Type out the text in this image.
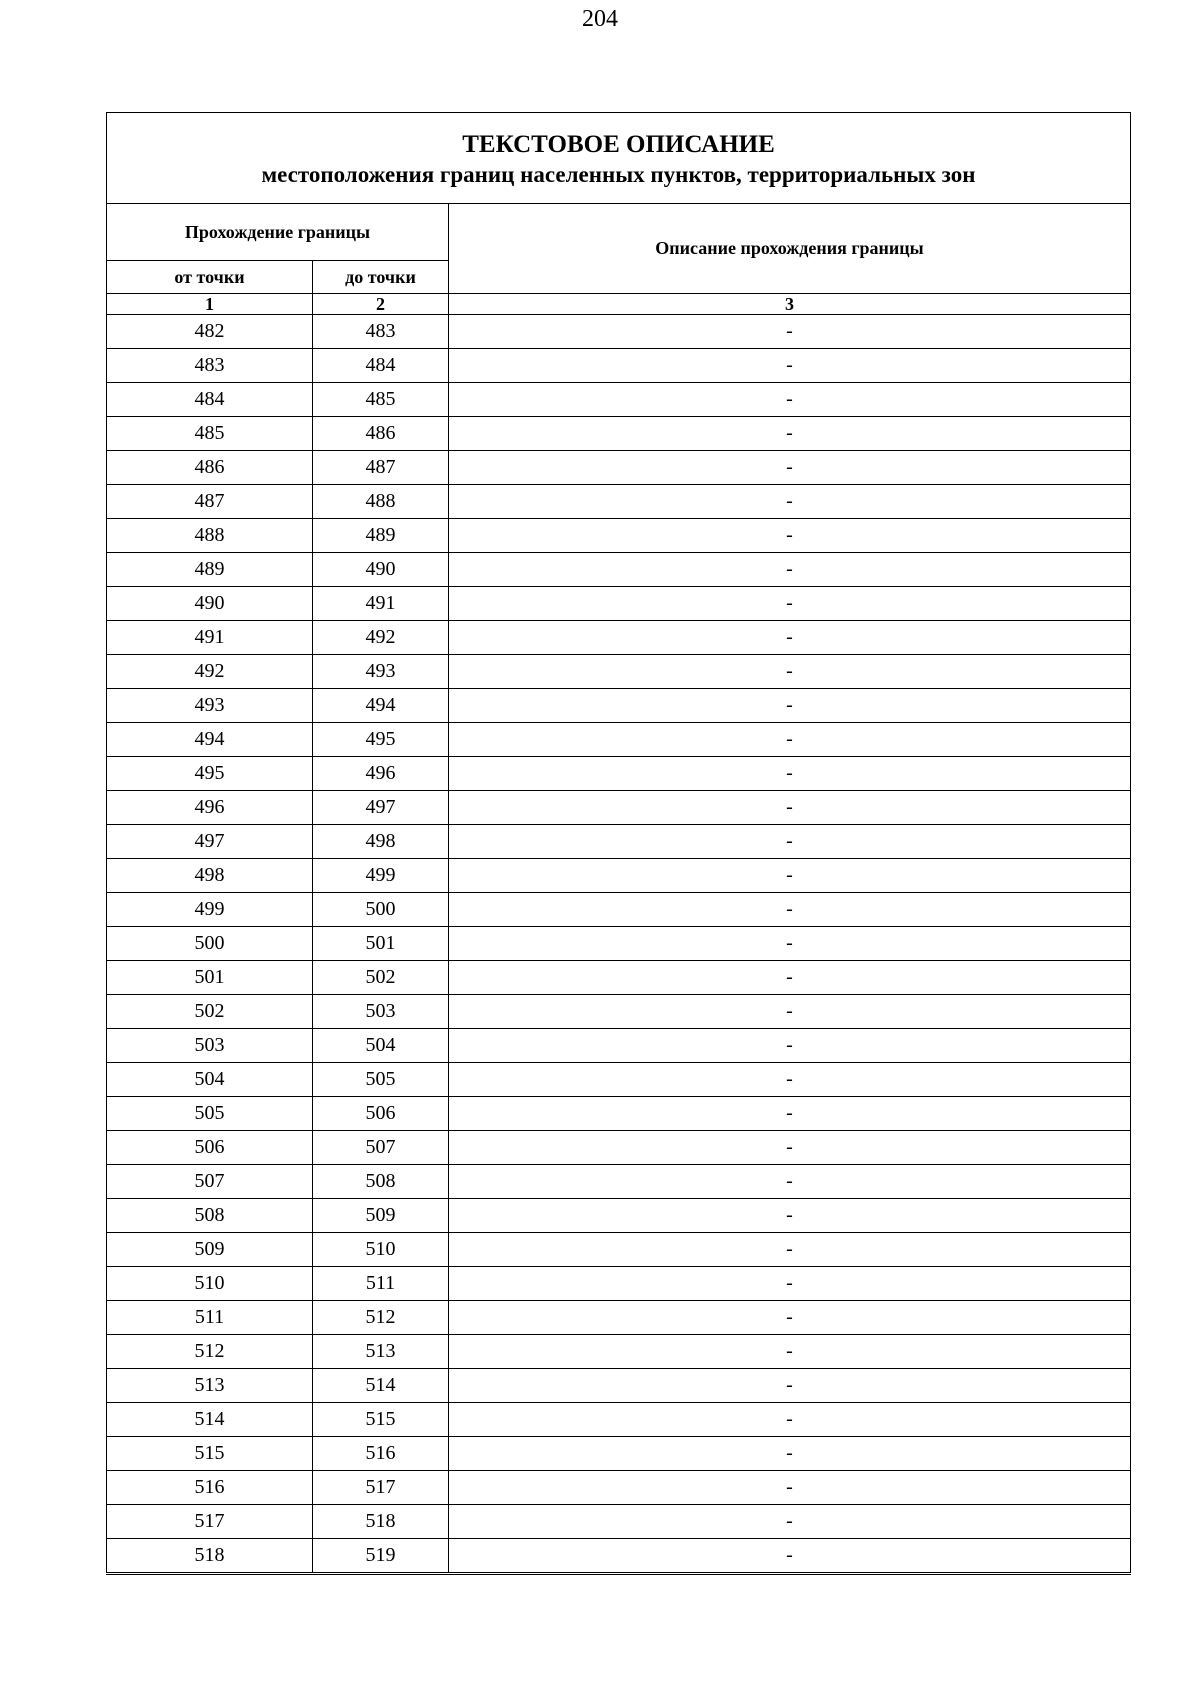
204
ТЕКСТОВОЕ ОПИСАНИЕ
местоположения границ населенных пунктов, территориальных зон		

Прохождение границы		Описание прохождения границы
от точки	до точки	
1	2	3
482	483	-
483	484	-
484	485	-
485	486	-
486	487	-
487	488	-
488	489	-
489	490	-
490	491	-
491	492	-
492	493	-
493	494	-
494	495	-
495	496	-
496	497	-
497	498	-
498	499	-
499	500	-
500	501	-
501	502	-
502	503	-
503	504	-
504	505	-
505	506	-
506	507	-
507	508	-
508	509	-
509	510	-
510	511	-
511	512	-
512	513	-
513	514	-
514	515	-
515	516	-
516	517	-
517	518	-
518	519	-
